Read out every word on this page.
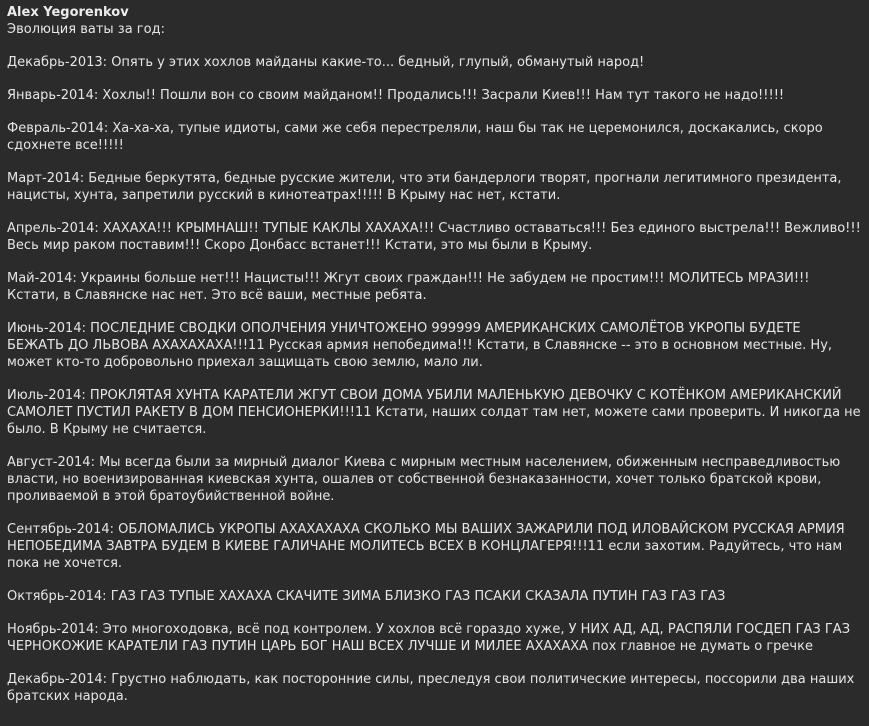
Alex Yegorenkov
Эволюция ваты за год:
Декабрь-2013: Опять у этих хохлов майданы какие-то... бедный, глупый, обманутый народ!
Январь-2014: Хохлы!! Пошли вон со своим майданом!! Продались!!! Засрали Киев!!! Нам тут такого не надо!!!!!
Февраль-2014: Ха-ха-ха, тупые идиоты, сами же себя перестреляли, наш бы так не церемонился, доскакались, скоро сдохнете все!!!!!
Март-2014: Бедные беркутята, бедные русские жители, что эти бандерлоги творят, прогнали легитимного президента, нацисты, хунта, запретили русский в кинотеатрах!!!!! В Крыму нас нет, кстати.
Апрель-2014: ХАХАХА!!! КРЫМНАШ!! ТУПЫЕ КАКЛЫ ХАХАХА!!! Счастливо оставаться!!! Без единого выстрела!!! Вежливо!!! Весь мир раком поставим!!! Скоро Донбасс встанет!!! Кстати, это мы были в Крыму.
Май-2014: Украины больше нет!!! Нацисты!!! Жгут своих граждан!!! Не забудем не простим!!! МОЛИТЕСЬ МРАЗИ!!! Кстати, в Славянске нас нет. Это всё ваши, местные ребята.
Июнь-2014: ПОСЛЕДНИЕ СВОДКИ ОПОЛЧЕНИЯ УНИЧТОЖЕНО 999999 АМЕРИКАНСКИХ САМОЛЁТОВ УКРОПЫ БУДЕТЕ БЕЖАТЬ ДО ЛЬВОВА АХАХАХАХА!!!11 Русская армия непобедима!!! Кстати, в Славянске -- это в основном местные. Ну, может кто-то добровольно приехал защищать свою землю, мало ли.
Июль-2014: ПРОКЛЯТАЯ ХУНТА КАРАТЕЛИ ЖГУТ СВОИ ДОМА УБИЛИ МАЛЕНЬКУЮ ДЕВОЧКУ С КОТЁНКОМ АМЕРИКАНСКИЙ САМОЛЕТ ПУСТИЛ РАКЕТУ В ДОМ ПЕНСИОНЕРКИ!!!11 Кстати, наших солдат там нет, можете сами проверить. И никогда не было. В Крыму не считается.
Август-2014: Мы всегда были за мирный диалог Киева с мирным местным населением, обиженным несправедливостью власти, но военизированная киевская хунта, ошалев от собственной безнаказанности, хочет только братской крови, проливаемой в этой братоубийственной войне.
Сентябрь-2014: ОБЛОМАЛИСЬ УКРОПЫ АХАХАХАХА СКОЛЬКО МЫ ВАШИХ ЗАЖАРИЛИ ПОД ИЛОВАЙСКОМ РУССКАЯ АРМИЯ НЕПОБЕДИМА ЗАВТРА БУДЕМ В КИЕВЕ ГАЛИЧАНЕ МОЛИТЕСЬ ВСЕХ В КОНЦЛАГЕРЯ!!!11 если захотим. Радуйтесь, что нам пока не хочется.
Октябрь-2014: ГАЗ ГАЗ ТУПЫЕ ХАХАХА СКАЧИТЕ ЗИМА БЛИЗКО ГАЗ ПСАКИ СКАЗАЛА ПУТИН ГАЗ ГАЗ ГАЗ
Ноябрь-2014: Это многоходовка, всё под контролем. У хохлов всё гораздо хуже, У НИХ АД, АД, РАСПЯЛИ ГОСДЕП ГАЗ ГАЗ ЧЕРНОКОЖИЕ КАРАТЕЛИ ГАЗ ПУТИН ЦАРЬ БОГ НАШ ВСЕХ ЛУЧШЕ И МИЛЕЕ АХАХАХА пох главное не думать о гречке
Декабрь-2014: Грустно наблюдать, как посторонние силы, преследуя свои политические интересы, поссорили два наших братских народа.
